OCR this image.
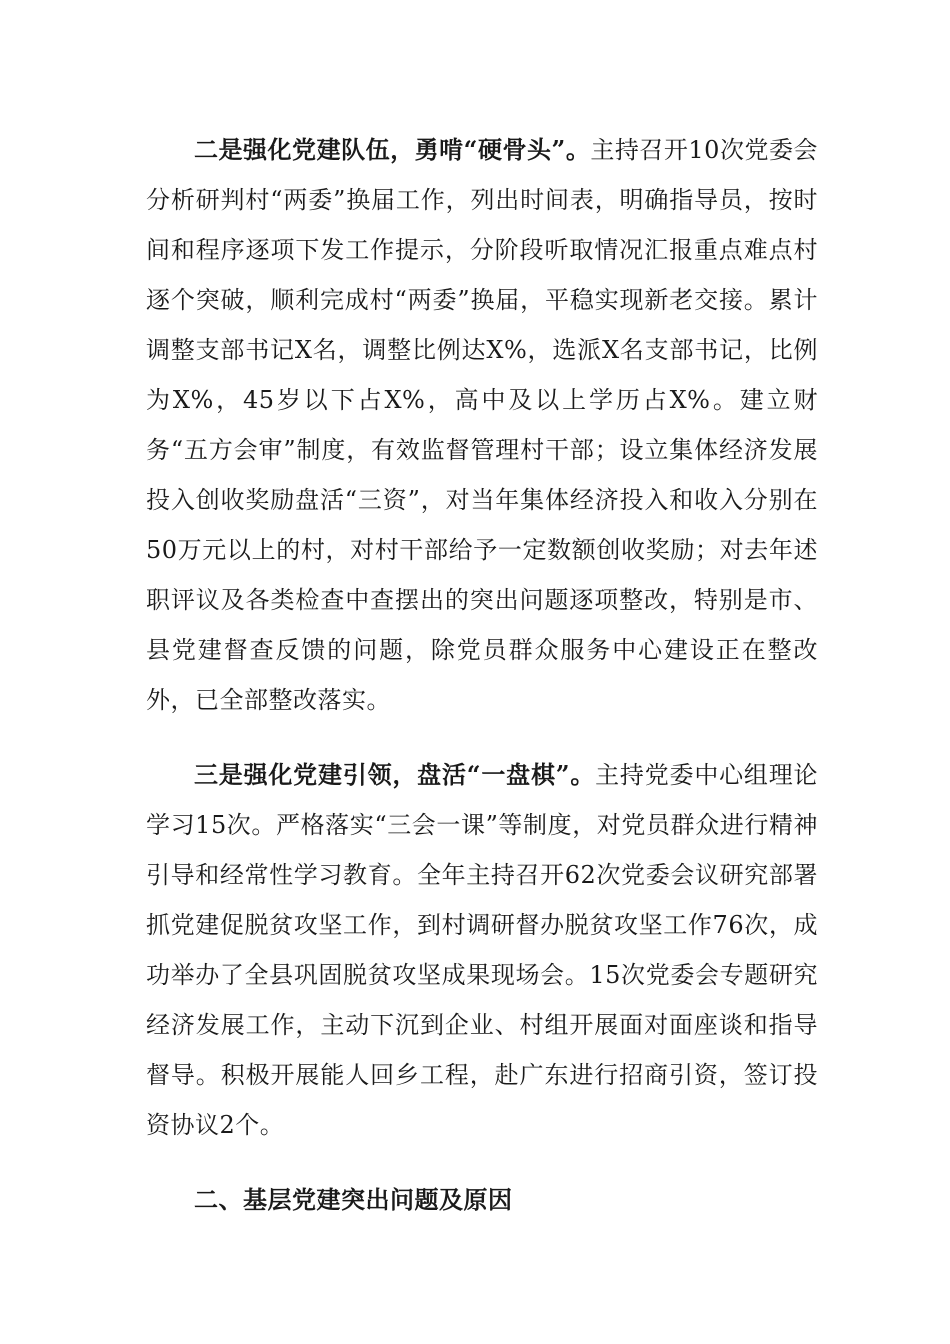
二是强化党建队伍，勇啃“硬骨头”。主持召开10次党委会分析研判村“两委”换届工作，列出时间表，明确指导员，按时间和程序逐项下发工作提示，分阶段听取情况汇报重点难点村逐个突破，顺利完成村“两委”换届，平稳实现新老交接。累计调整支部书记X名，调整比例达X%，选派X名支部书记，比例为X%，45岁以下占X%，高中及以上学历占X%。建立财务“五方会审”制度，有效监督管理村干部；设立集体经济发展投入创收奖励盘活“三资”，对当年集体经济投入和收入分别在50万元以上的村，对村干部给予一定数额创收奖励；对去年述职评议及各类检查中查摆出的突出问题逐项整改，特别是市、县党建督查反馈的问题，除党员群众服务中心建设正在整改外，已全部整改落实。

三是强化党建引领，盘活“一盘棋”。主持党委中心组理论学习15次。严格落实“三会一课”等制度，对党员群众进行精神引导和经常性学习教育。全年主持召开62次党委会议研究部署抓党建促脱贫攻坚工作，到村调研督办脱贫攻坚工作76次，成功举办了全县巩固脱贫攻坚成果现场会。15次党委会专题研究经济发展工作，主动下沉到企业、村组开展面对面座谈和指导督导。积极开展能人回乡工程，赴广东进行招商引资，签订投资协议2个。

二、基层党建突出问题及原因
